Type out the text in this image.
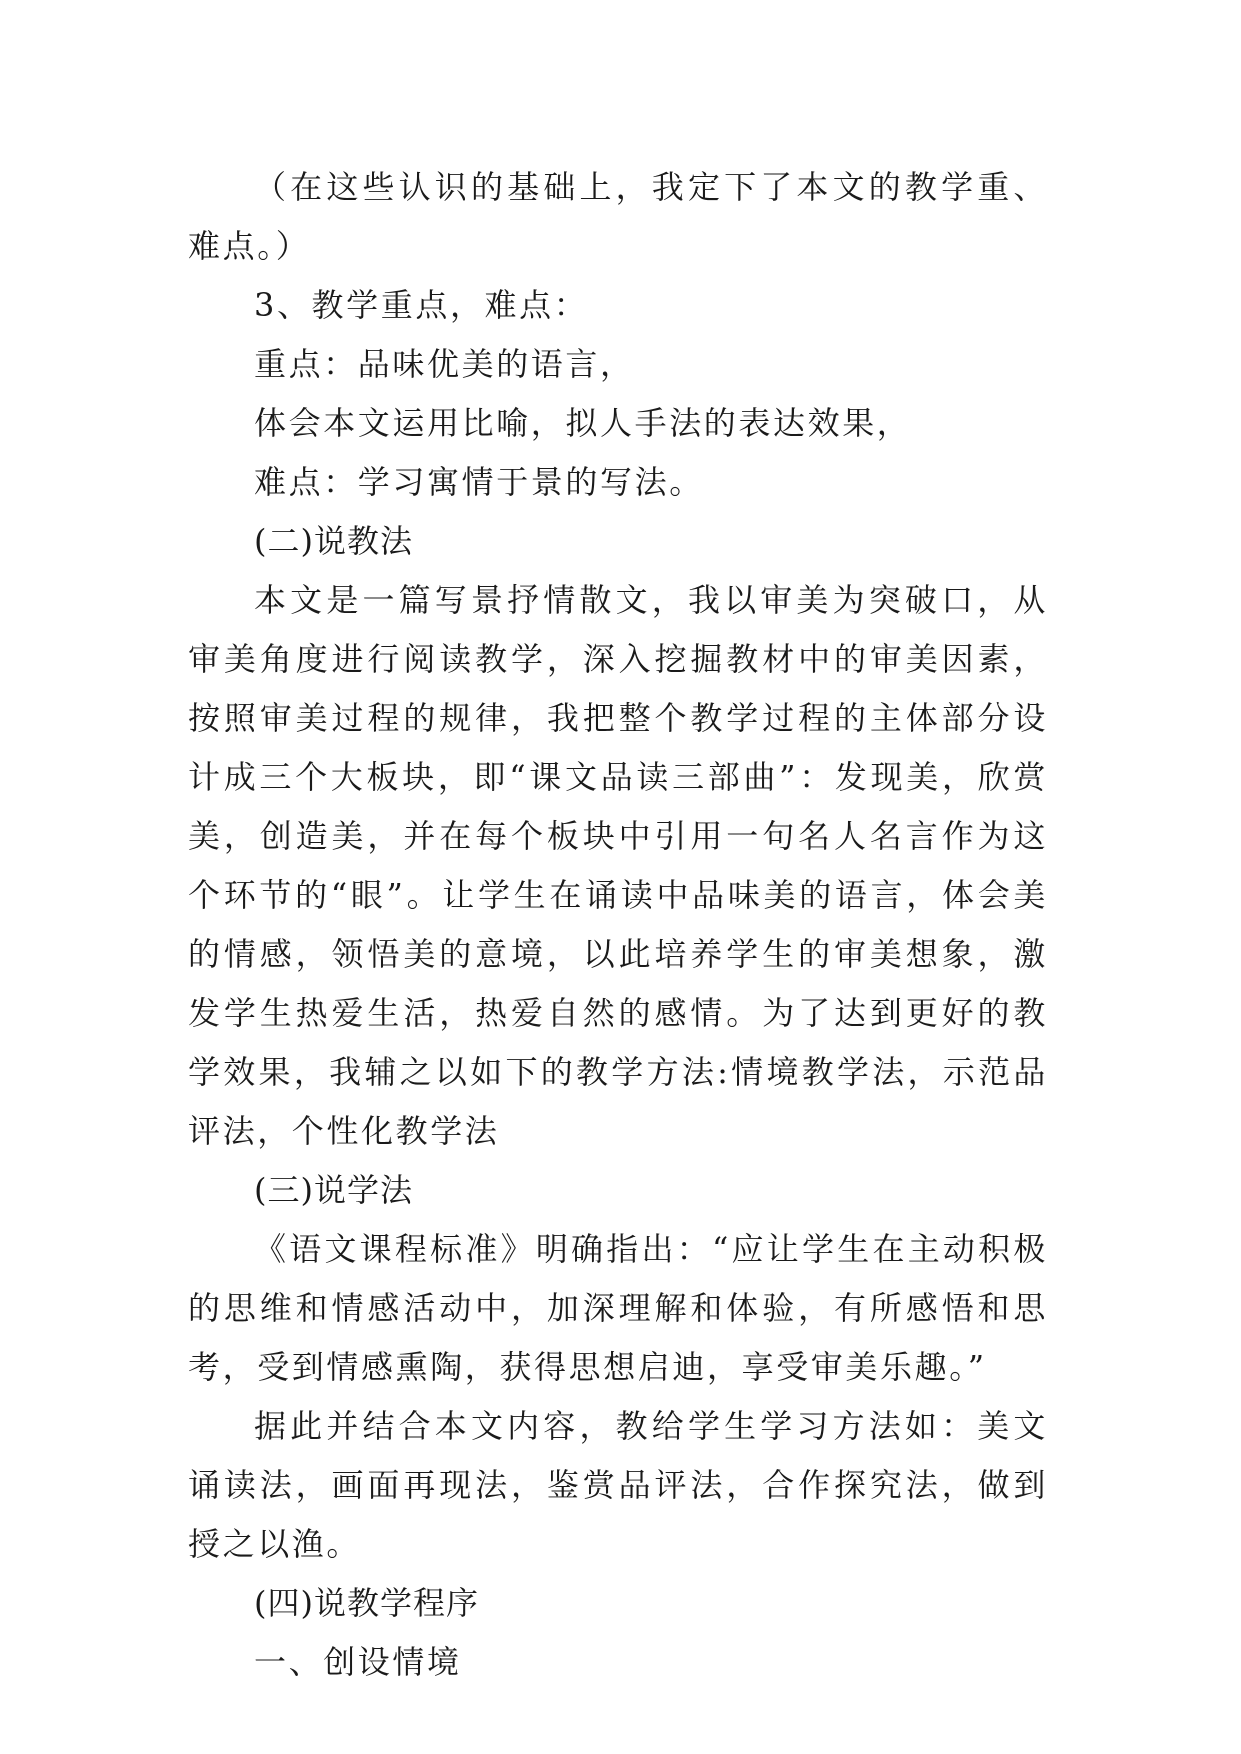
（在这些认识的基础上，我定下了本文的教学重、难点。）

3、教学重点，难点：

重点：品味优美的语言，

体会本文运用比喻，拟人手法的表达效果，

难点：学习寓情于景的写法。

(二)说教法

本文是一篇写景抒情散文，我以审美为突破口，从审美角度进行阅读教学，深入挖掘教材中的审美因素，按照审美过程的规律，我把整个教学过程的主体部分设计成三个大板块，即“课文品读三部曲”：发现美，欣赏美，创造美，并在每个板块中引用一句名人名言作为这个环节的“眼”。让学生在诵读中品味美的语言，体会美的情感，领悟美的意境，以此培养学生的审美想象，激发学生热爱生活，热爱自然的感情。为了达到更好的教学效果，我辅之以如下的教学方法:情境教学法，示范品评法，个性化教学法

(三)说学法

《语文课程标准》明确指出：“应让学生在主动积极的思维和情感活动中，加深理解和体验，有所感悟和思考，受到情感熏陶，获得思想启迪，享受审美乐趣。”

据此并结合本文内容，教给学生学习方法如：美文诵读法，画面再现法，鉴赏品评法，合作探究法，做到授之以渔。

(四)说教学程序

一、创设情境
